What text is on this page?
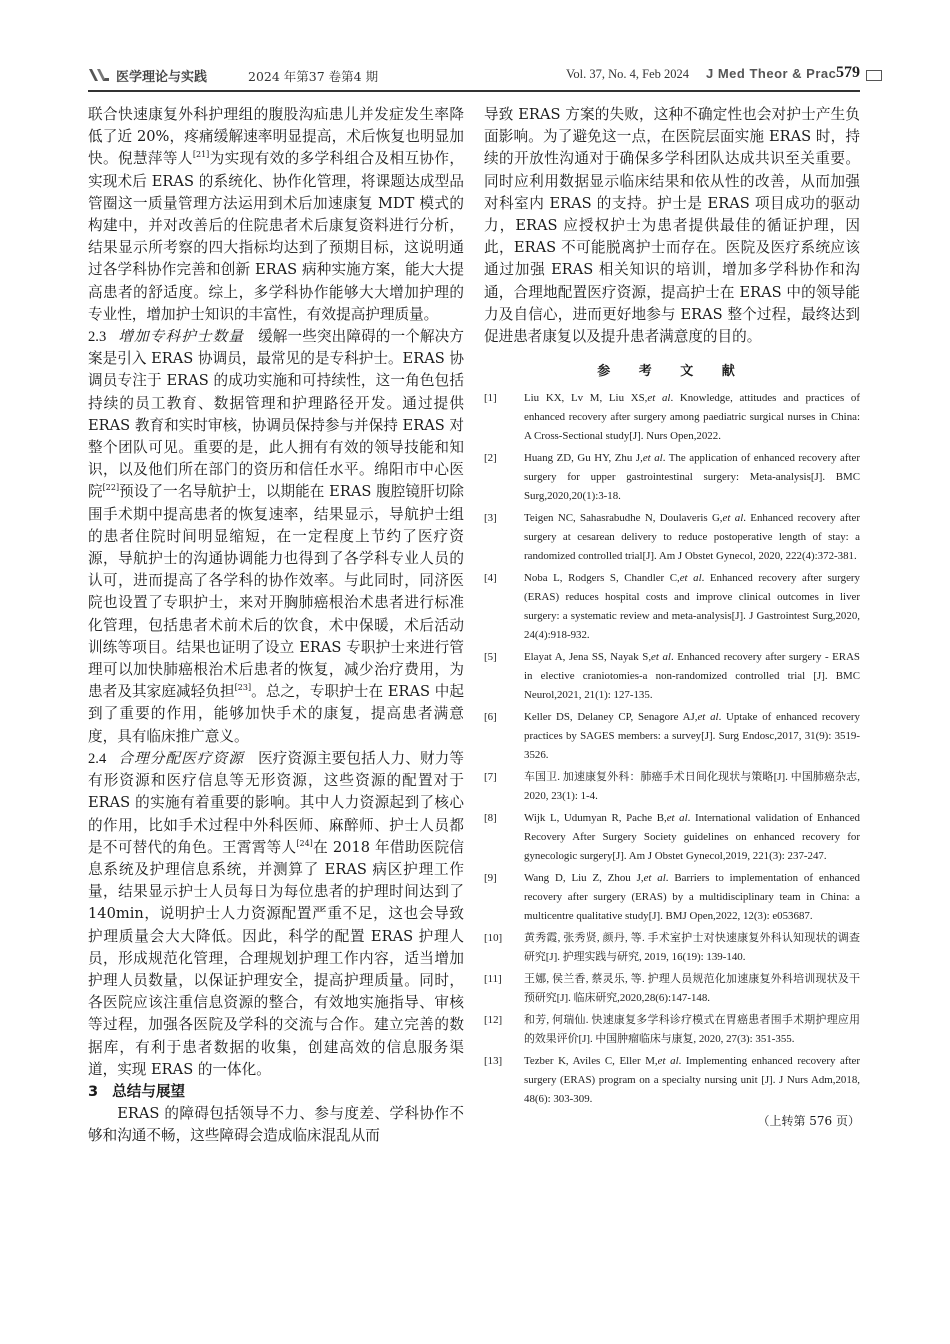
医学理论与实践	2024 年第37 卷第4 期	Vol. 37, No. 4, Feb 2024 J Med Theor & Prac 579

联合快速康复外科护理组的腹股沟疝患儿并发症发生率降低了近 20%，疼痛缓解速率明显提高，术后恢复也明显加快。倪慧萍等人[21]为实现有效的多学科组合及相互协作，实现术后 ERAS 的系统化、协作化管理，将课题达成型品管圈这一质量管理方法运用到术后加速康复 MDT 模式的构建中，并对改善后的住院患者术后康复资料进行分析，结果显示所考察的四大指标均达到了预期目标，这说明通过各学科协作完善和创新 ERAS 病种实施方案，能大大提高患者的舒适度。综上，多学科协作能够大大增加护理的专业性，增加护士知识的丰富性，有效提高护理质量。

2.3 增加专科护士数量 缓解一些突出障碍的一个解决方案是引入 ERAS 协调员，最常见的是专科护士。ERAS 协调员专注于 ERAS 的成功实施和可持续性，这一角色包括持续的员工教育、数据管理和护理路径开发。通过提供 ERAS 教育和实时审核，协调员保持参与并保持 ERAS 对整个团队可见。重要的是，此人拥有有效的领导技能和知识，以及他们所在部门的资历和信任水平。绵阳市中心医院[22]预设了一名导航护士，以期能在 ERAS 腹腔镜肝切除围手术期中提高患者的恢复速率，结果显示，导航护士组的患者住院时间明显缩短，在一定程度上节约了医疗资源，导航护士的沟通协调能力也得到了各学科专业人员的认可，进而提高了各学科的协作效率。与此同时，同济医院也设置了专职护士，来对开胸肺癌根治术患者进行标准化管理，包括患者术前术后的饮食，术中保暖，术后活动训练等项目。结果也证明了设立 ERAS 专职护士来进行管理可以加快肺癌根治术后患者的恢复，减少治疗费用，为患者及其家庭减轻负担[23]。总之，专职护士在 ERAS 中起到了重要的作用，能够加快手术的康复，提高患者满意度，具有临床推广意义。

2.4 合理分配医疗资源 医疗资源主要包括人力、财力等有形资源和医疗信息等无形资源，这些资源的配置对于 ERAS 的实施有着重要的影响。其中人力资源起到了核心的作用，比如手术过程中外科医师、麻醉师、护士人员都是不可替代的角色。王霄霄等人[24]在 2018 年借助医院信息系统及护理信息系统，并测算了 ERAS 病区护理工作量，结果显示护士人员每日为每位患者的护理时间达到了 140min，说明护士人力资源配置严重不足，这也会导致护理质量会大大降低。因此，科学的配置 ERAS 护理人员，形成规范化管理，合理规划护理工作内容，适当增加护理人员数量，以保证护理安全，提高护理质量。同时，各医院应该注重信息资源的整合，有效地实施指导、审核等过程，加强各医院及学科的交流与合作。建立完善的数据库，有利于患者数据的收集，创建高效的信息服务渠道，实现 ERAS 的一体化。

3 总结与展望

ERAS 的障碍包括领导不力、参与度差、学科协作不够和沟通不畅，这些障碍会造成临床混乱从而

导致 ERAS 方案的失败，这种不确定性也会对护士产生负面影响。为了避免这一点，在医院层面实施 ERAS 时，持续的开放性沟通对于确保多学科团队达成共识至关重要。同时应利用数据显示临床结果和依从性的改善，从而加强对科室内 ERAS 的支持。护士是 ERAS 项目成功的驱动力，ERAS 应授权护士为患者提供最佳的循证护理，因此，ERAS 不可能脱离护士而存在。医院及医疗系统应该通过加强 ERAS 相关知识的培训，增加多学科协作和沟通，合理地配置医疗资源，提高护士在 ERAS 中的领导能力及自信心，进而更好地参与 ERAS 整个过程，最终达到促进患者康复以及提升患者满意度的目的。

参 考 文 献
[1]	Liu KX, Lv M, Liu XS,et al. Knowledge, attitudes and practices of enhanced recovery after surgery among paediatric surgical nurses in China: A Cross-Sectional study[J]. Nurs Open,2022.
[2]	Huang ZD, Gu HY, Zhu J,et al. The application of enhanced recovery after surgery for upper gastrointestinal surgery: Meta-analysis[J]. BMC Surg,2020,20(1):3-18.
[3]	Teigen NC, Sahasrabudhe N, Doulaveris G,et al. Enhanced recovery after surgery at cesarean delivery to reduce postoperative length of stay: a randomized controlled trial[J]. Am J Obstet Gynecol, 2020, 222(4):372-381.
[4]	Noba L, Rodgers S, Chandler C,et al. Enhanced recovery after surgery (ERAS) reduces hospital costs and improve clinical outcomes in liver surgery: a systematic review and meta-analysis[J]. J Gastrointest Surg,2020, 24(4):918-932.
[5]	Elayat A, Jena SS, Nayak S,et al. Enhanced recovery after surgery - ERAS in elective craniotomies-a non-randomized controlled trial [J]. BMC Neurol,2021, 21(1): 127-135.
[6]	Keller DS, Delaney CP, Senagore AJ,et al. Uptake of enhanced recovery practices by SAGES members: a survey[J]. Surg Endosc,2017, 31(9): 3519-3526.
[7]	车国卫. 加速康复外科：肺癌手术日间化现状与策略[J]. 中国肺癌杂志, 2020, 23(1): 1-4.
[8]	Wijk L, Udumyan R, Pache B,et al. International validation of Enhanced Recovery After Surgery Society guidelines on enhanced recovery for gynecologic surgery[J]. Am J Obstet Gynecol,2019, 221(3): 237-247.
[9]	Wang D, Liu Z, Zhou J,et al. Barriers to implementation of enhanced recovery after surgery (ERAS) by a multidisciplinary team in China: a multicentre qualitative study[J]. BMJ Open,2022, 12(3): e053687.
[10]	黄秀霞, 张秀贤, 颜丹, 等. 手术室护士对快速康复外科认知现状的调查研究[J]. 护理实践与研究, 2019, 16(19): 139-140.
[11]	王娜, 侯兰香, 蔡灵乐, 等. 护理人员规范化加速康复外科培训现状及干预研究[J]. 临床研究,2020,28(6):147-148.
[12]	和芳, 何瑞仙. 快速康复多学科诊疗模式在胃癌患者围手术期护理应用的效果评价[J]. 中国肿瘤临床与康复, 2020, 27(3): 351-355.
[13]	Tezber K, Aviles C, Eller M,et al. Implementing enhanced recovery after surgery (ERAS) program on a specialty nursing unit [J]. J Nurs Adm,2018, 48(6): 303-309.
（上转第 576 页）
